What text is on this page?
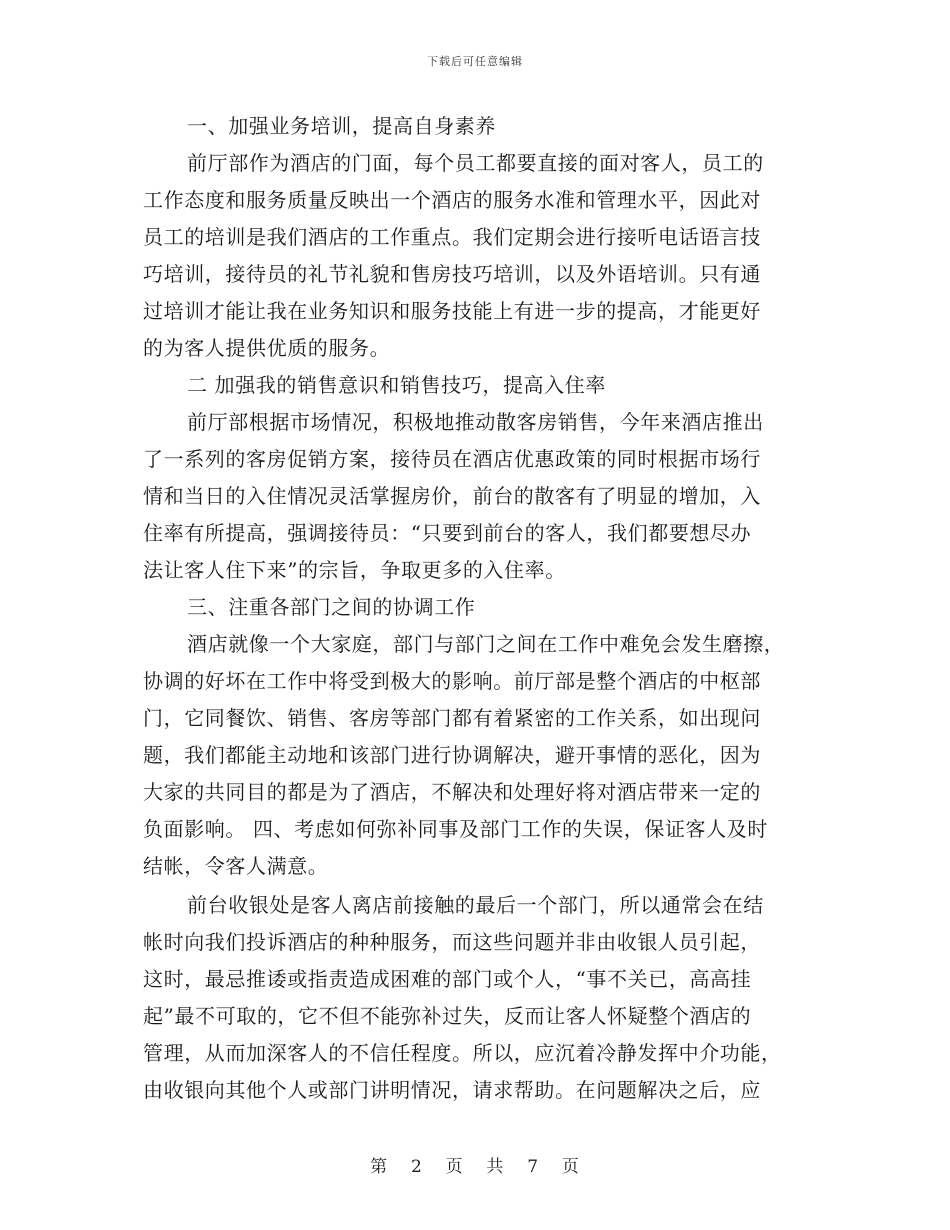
下载后可任意编辑
一、加强业务培训，提高自身素养
前厅部作为酒店的门面，每个员工都要直接的面对客人，员工的
工作态度和服务质量反映出一个酒店的服务水准和管理水平，因此对
员工的培训是我们酒店的工作重点。我们定期会进行接听电话语言技
巧培训，接待员的礼节礼貌和售房技巧培训，以及外语培训。只有通
过培训才能让我在业务知识和服务技能上有进一步的提高，才能更好
的为客人提供优质的服务。
二 加强我的销售意识和销售技巧，提高入住率
前厅部根据市场情况，积极地推动散客房销售，今年来酒店推出
了一系列的客房促销方案，接待员在酒店优惠政策的同时根据市场行
情和当日的入住情况灵活掌握房价，前台的散客有了明显的增加，入
住率有所提高，强调接待员：“只要到前台的客人，我们都要想尽办
法让客人住下来”的宗旨，争取更多的入住率。
三、注重各部门之间的协调工作
酒店就像一个大家庭，部门与部门之间在工作中难免会发生磨擦，
协调的好坏在工作中将受到极大的影响。前厅部是整个酒店的中枢部
门，它同餐饮、销售、客房等部门都有着紧密的工作关系，如出现问
题，我们都能主动地和该部门进行协调解决，避开事情的恶化，因为
大家的共同目的都是为了酒店，不解决和处理好将对酒店带来一定的
负面影响。 四、考虑如何弥补同事及部门工作的失误，保证客人及时
结帐，令客人满意。
前台收银处是客人离店前接触的最后一个部门，所以通常会在结
帐时向我们投诉酒店的种种服务，而这些问题并非由收银人员引起，
这时，最忌推诿或指责造成困难的部门或个人，“事不关已，高高挂
起”最不可取的，它不但不能弥补过失，反而让客人怀疑整个酒店的
管理，从而加深客人的不信任程度。所以，应沉着冷静发挥中介功能，
由收银向其他个人或部门讲明情况，请求帮助。在问题解决之后，应
第 2 页 共 7 页
